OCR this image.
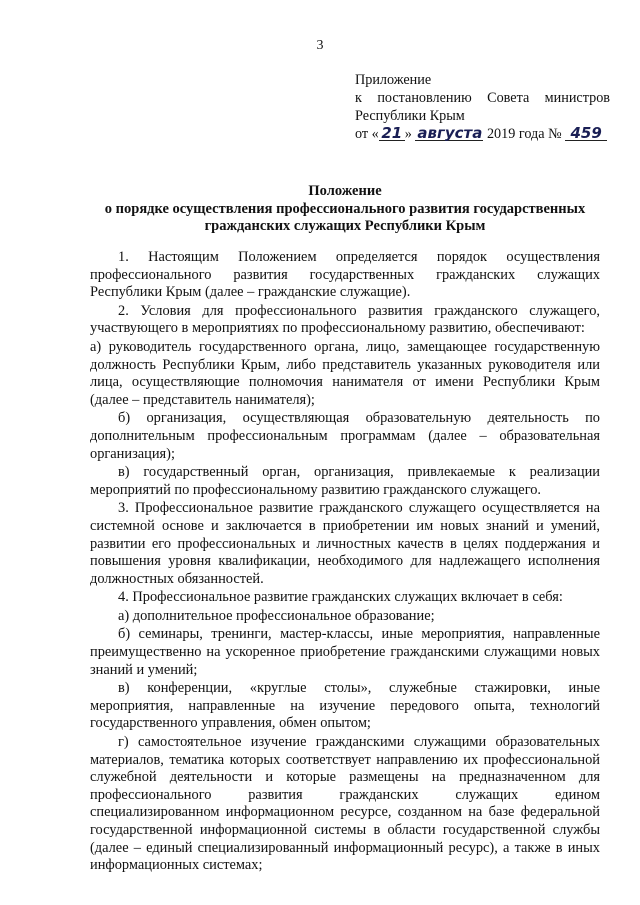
3
Приложение
к постановлению Совета министров
Республики Крым
от « 21 » августа 2019 года № 459
Положение
о порядке осуществления профессионального развития государственных
гражданских служащих Республики Крым

1. Настоящим Положением определяется порядок осуществления профессионального развития государственных гражданских служащих Республики Крым (далее – гражданские служащие).

2. Условия для профессионального развития гражданского служащего, участвующего в мероприятиях по профессиональному развитию, обеспечивают:

а) руководитель государственного органа, лицо, замещающее государственную должность Республики Крым, либо представитель указанных руководителя или лица, осуществляющие полномочия нанимателя от имени Республики Крым (далее – представитель нанимателя);

б) организация, осуществляющая образовательную деятельность по дополнительным профессиональным программам (далее – образовательная организация);

в) государственный орган, организация, привлекаемые к реализации мероприятий по профессиональному развитию гражданского служащего.

3. Профессиональное развитие гражданского служащего осуществляется на системной основе и заключается в приобретении им новых знаний и умений, развитии его профессиональных и личностных качеств в целях поддержания и повышения уровня квалификации, необходимого для надлежащего исполнения должностных обязанностей.

4. Профессиональное развитие гражданских служащих включает в себя:

а) дополнительное профессиональное образование;

б) семинары, тренинги, мастер-классы, иные мероприятия, направленные преимущественно на ускоренное приобретение гражданскими служащими новых знаний и умений;

в) конференции, «круглые столы», служебные стажировки, иные мероприятия, направленные на изучение передового опыта, технологий государственного управления, обмен опытом;

г) самостоятельное изучение гражданскими служащими образовательных материалов, тематика которых соответствует направлению их профессиональной служебной деятельности и которые размещены на предназначенном для профессионального развития гражданских служащих едином специализированном информационном ресурсе, созданном на базе федеральной государственной информационной системы в области государственной службы (далее – единый специализированный информационный ресурс), а также в иных информационных системах;
